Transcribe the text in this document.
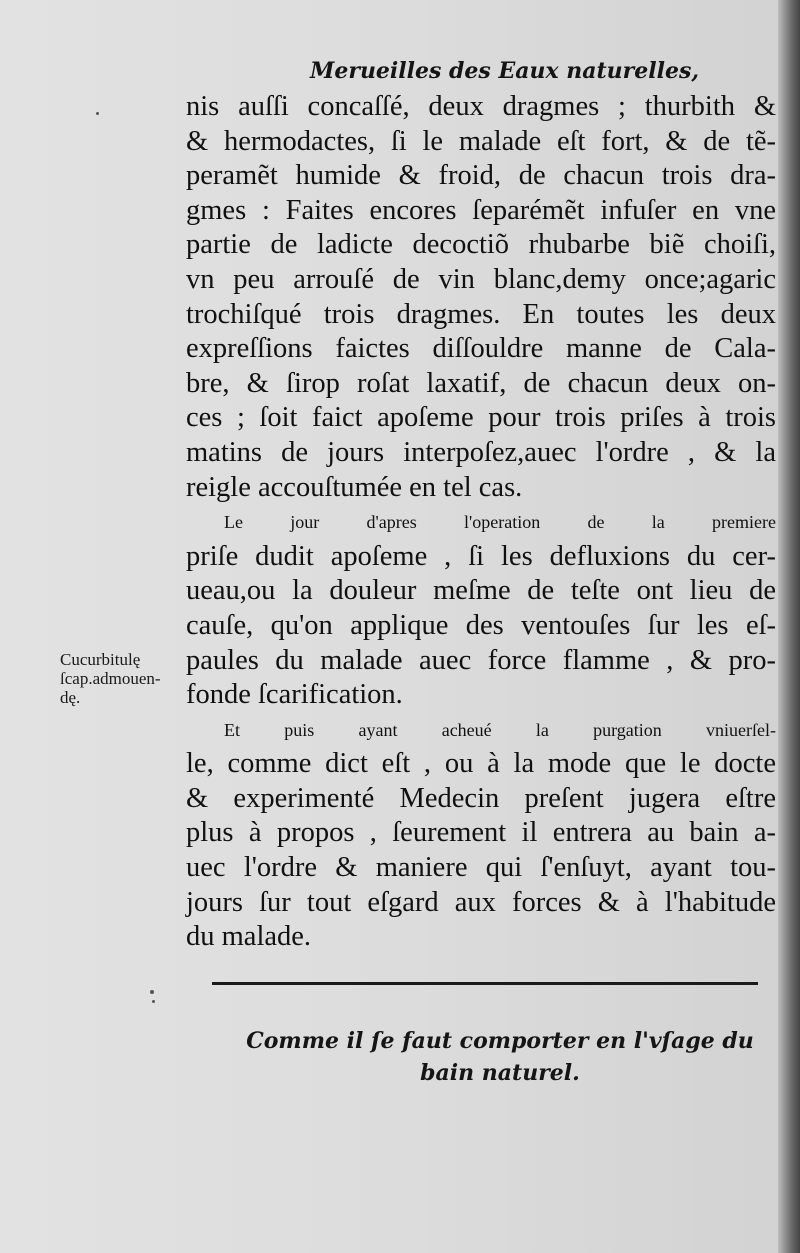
Merueilles des Eaux naturelles,
nis auſſi concaſſé, deux dragmes ; thurbith &
& hermodactes, ſi le malade eſt fort, & de tẽ-
peramẽt humide & froid, de chacun trois dra-
gmes : Faites encores ſeparémẽt infuſer en vne
partie de ladicte decoctiõ rhubarbe biẽ choiſi,
vn peu arrouſé de vin blanc,demy once;agaric
trochiſqué trois dragmes. En toutes les deux
expreſſions faictes diſſouldre manne de Cala-
bre, & ſirop roſat laxatif, de chacun deux on-
ces ; ſoit faict apoſeme pour trois priſes à trois
matins de jours interpoſez,auec l'ordre , & la
reigle accouſtumée en tel cas.
Le jour d'apres l'operation de la premiere
priſe dudit apoſeme , ſi les defluxions du cer-
ueau,ou la douleur meſme de teſte ont lieu de
cauſe, qu'on applique des ventouſes ſur les eſ-
paules du malade auec force flamme , & pro-
fonde ſcarification.
Et puis ayant acheué la purgation vniuerſel-
le, comme dict eſt , ou à la mode que le docte
& experimenté Medecin preſent jugera eſtre
plus à propos , ſeurement il entrera au bain a-
uec l'ordre & maniere qui ſ'enſuyt, ayant tou-
jours ſur tout eſgard aux forces & à l'habitude
du malade.
Cucurbitulę
ſcap.admouen-
dę.
Comme il ſe faut comporter en l'vſage du
bain naturel.
